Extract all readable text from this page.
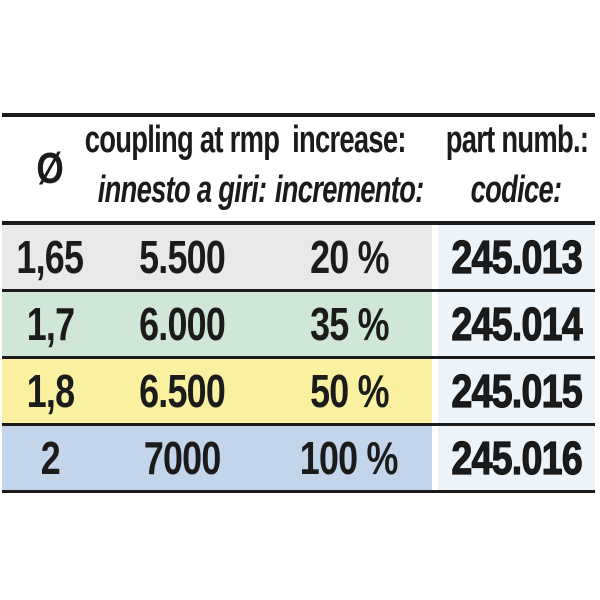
Ø
coupling at rmp
innesto a giri:
increase:
incremento:
part numb.:
codice:
1,65 5.500 20 % 245.013
1,7 6.000 35 % 245.014
1,8 6.500 50 % 245.015
2 7000 100 % 245.016
